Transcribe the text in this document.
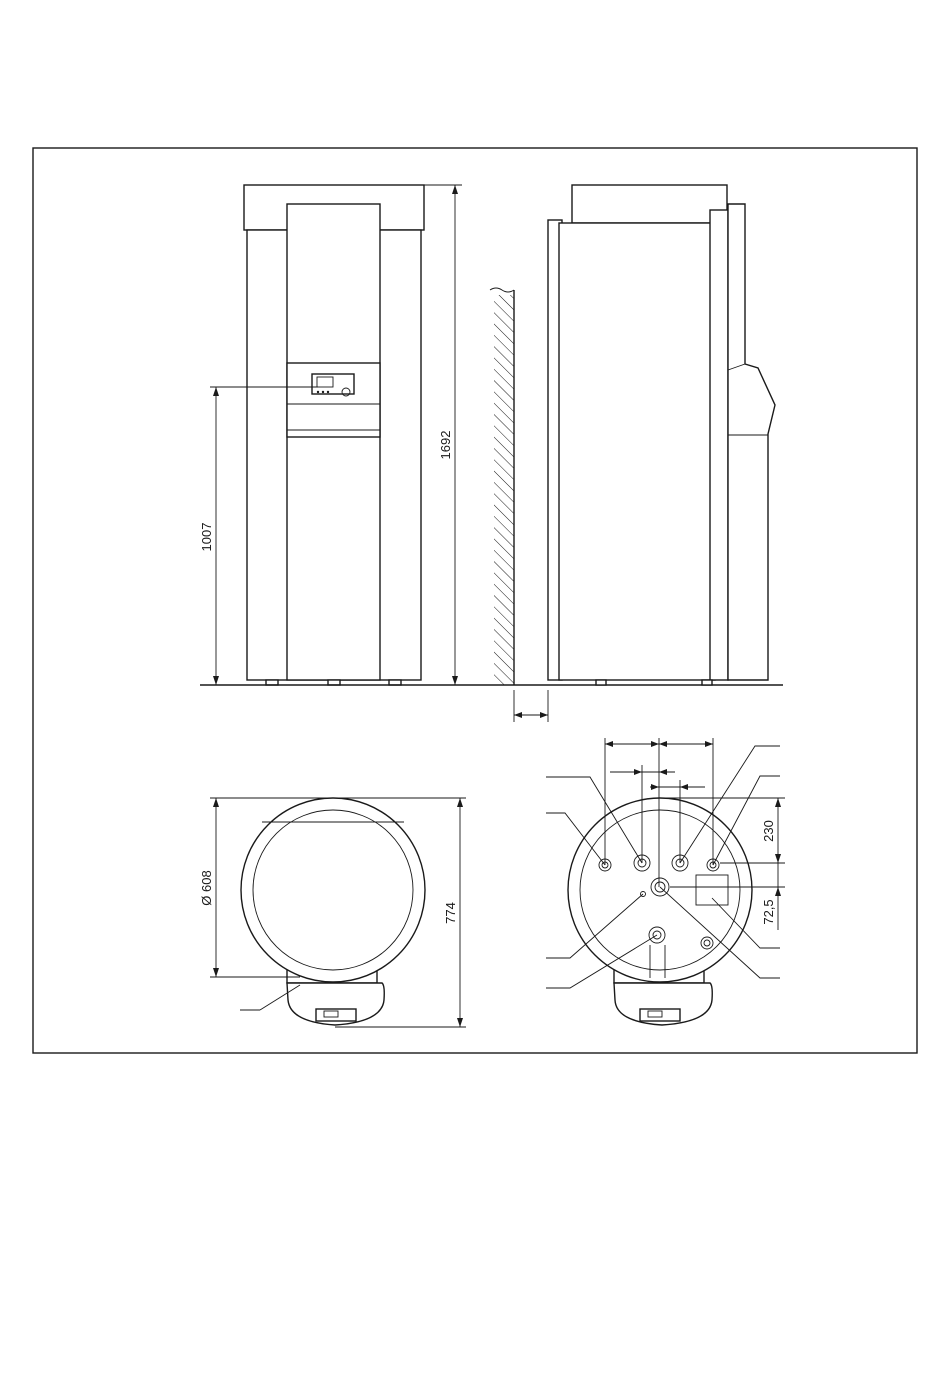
1007
1692
Ø 608
774
230
72,5
